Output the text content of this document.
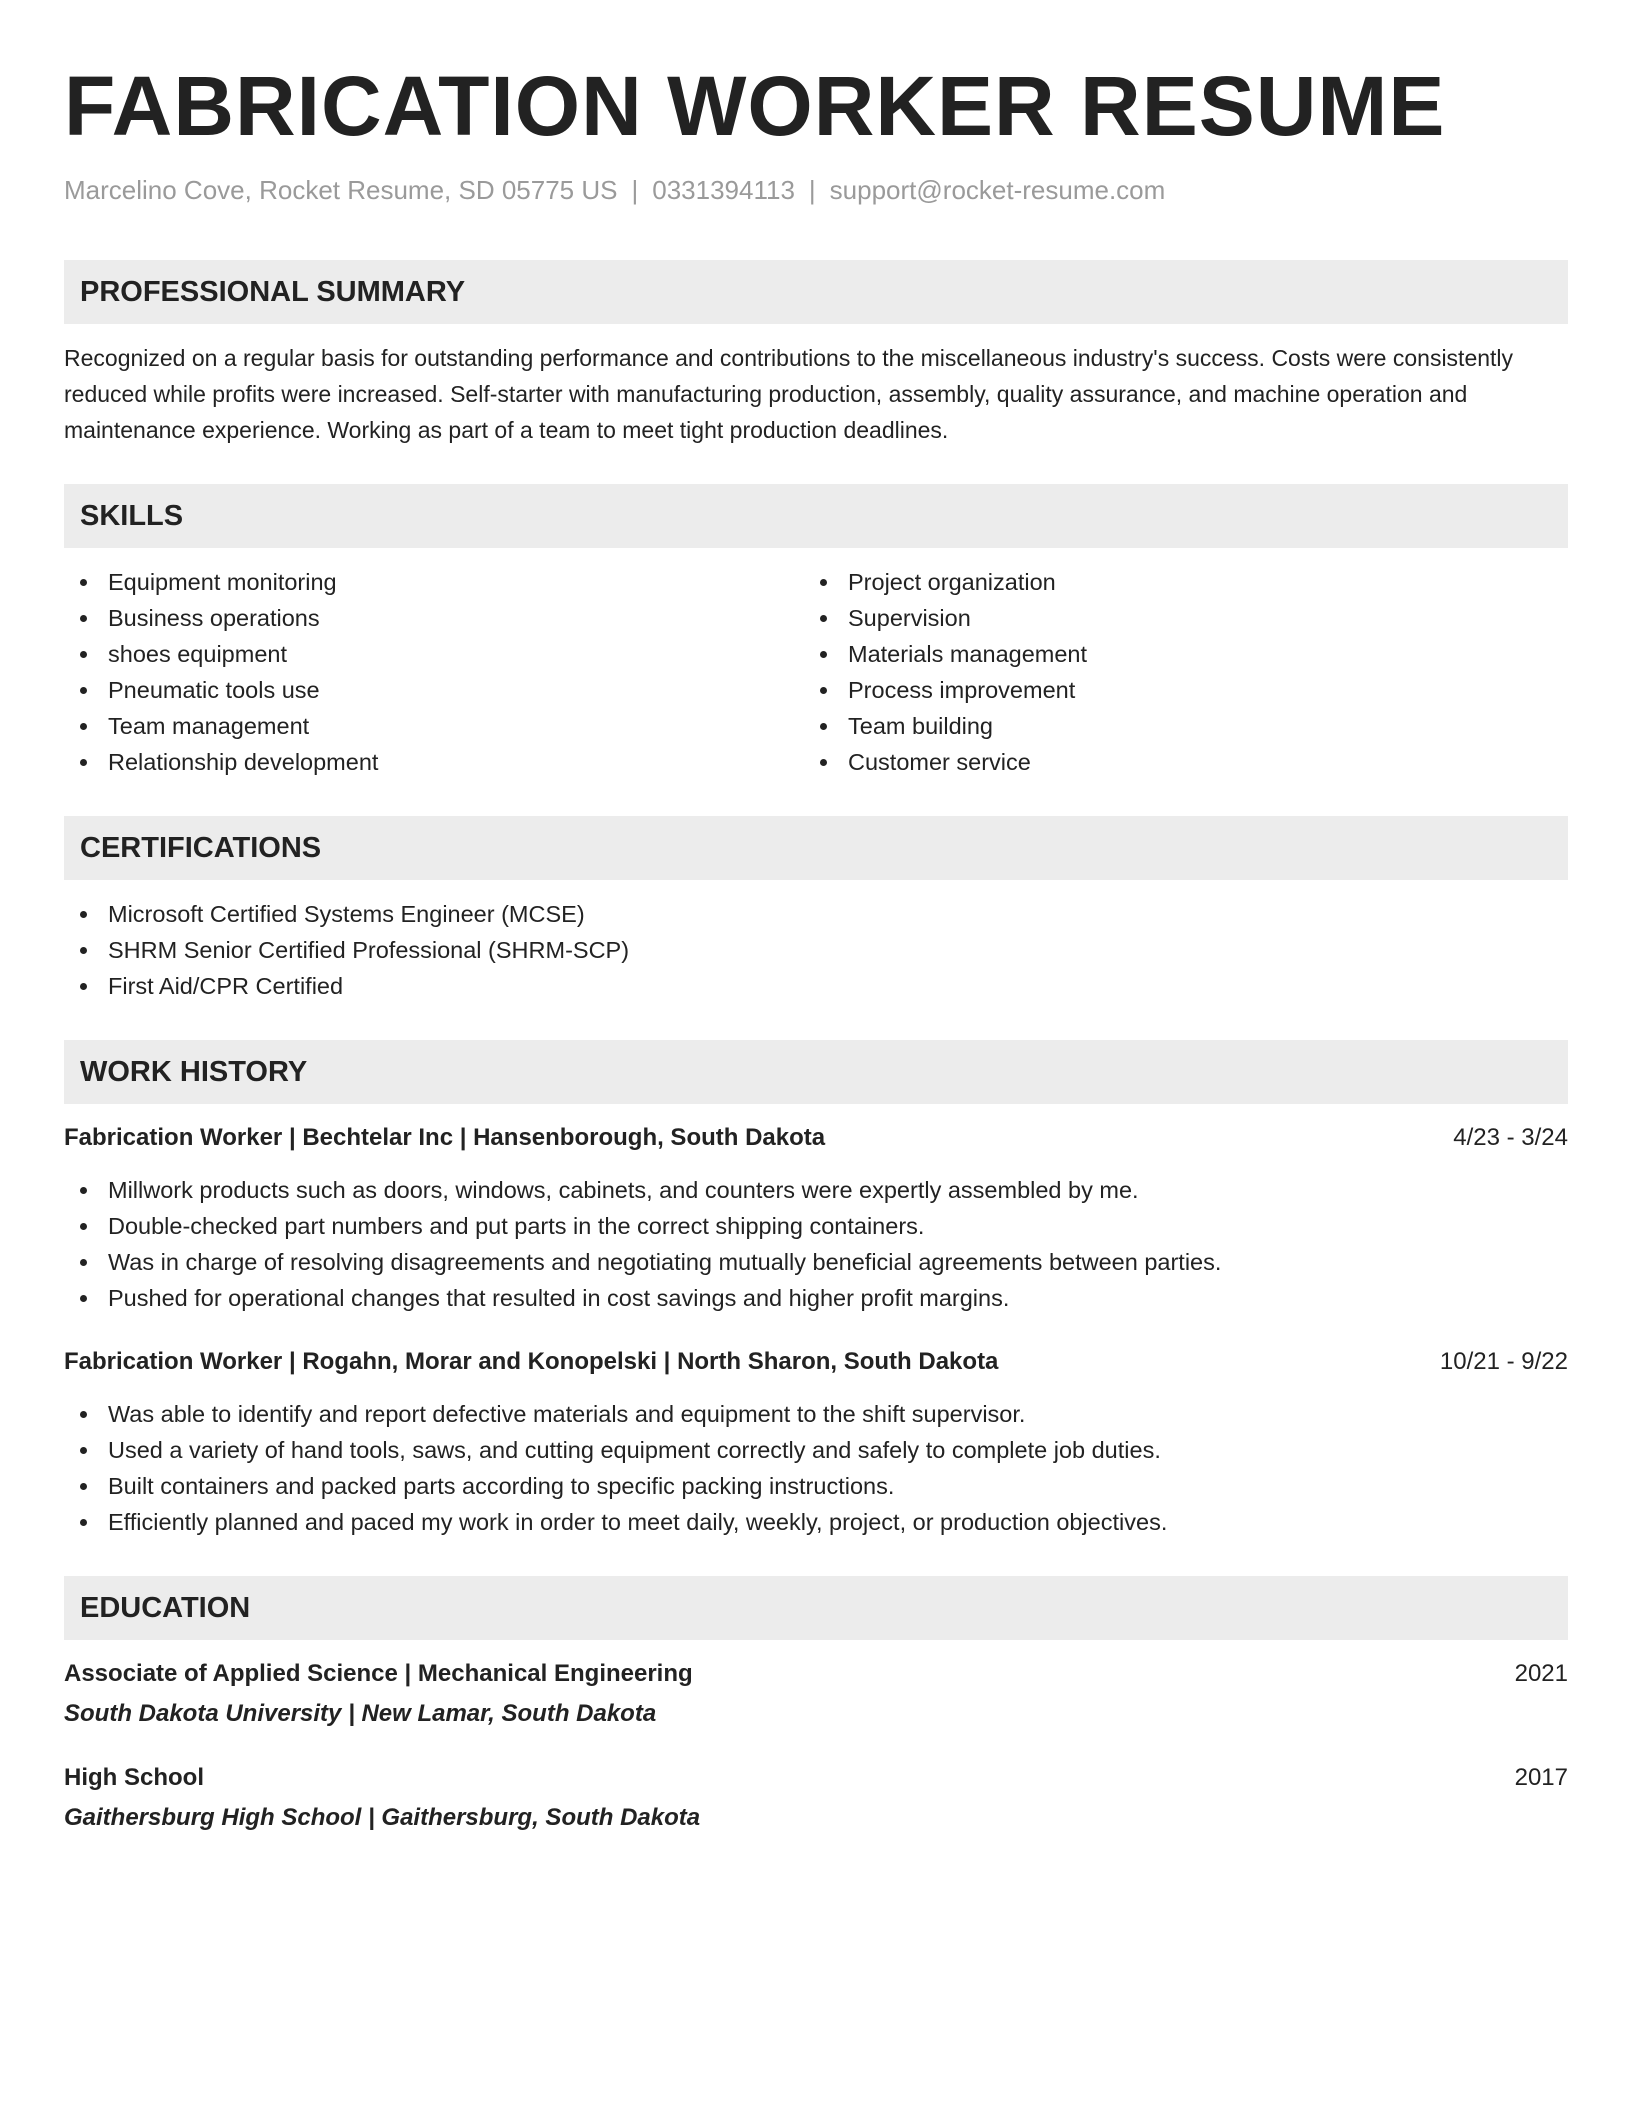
FABRICATION WORKER RESUME
Marcelino Cove, Rocket Resume, SD 05775 US | 0331394113 | support@rocket-resume.com
PROFESSIONAL SUMMARY
Recognized on a regular basis for outstanding performance and contributions to the miscellaneous industry's success. Costs were consistently reduced while profits were increased. Self-starter with manufacturing production, assembly, quality assurance, and machine operation and maintenance experience. Working as part of a team to meet tight production deadlines.
SKILLS
Equipment monitoring
Business operations
shoes equipment
Pneumatic tools use
Team management
Relationship development
Project organization
Supervision
Materials management
Process improvement
Team building
Customer service
CERTIFICATIONS
Microsoft Certified Systems Engineer (MCSE)
SHRM Senior Certified Professional (SHRM-SCP)
First Aid/CPR Certified
WORK HISTORY
Fabrication Worker | Bechtelar Inc | Hansenborough, South Dakota	4/23 - 3/24
Millwork products such as doors, windows, cabinets, and counters were expertly assembled by me.
Double-checked part numbers and put parts in the correct shipping containers.
Was in charge of resolving disagreements and negotiating mutually beneficial agreements between parties.
Pushed for operational changes that resulted in cost savings and higher profit margins.
Fabrication Worker | Rogahn, Morar and Konopelski | North Sharon, South Dakota	10/21 - 9/22
Was able to identify and report defective materials and equipment to the shift supervisor.
Used a variety of hand tools, saws, and cutting equipment correctly and safely to complete job duties.
Built containers and packed parts according to specific packing instructions.
Efficiently planned and paced my work in order to meet daily, weekly, project, or production objectives.
EDUCATION
Associate of Applied Science | Mechanical Engineering	2021
South Dakota University | New Lamar, South Dakota
High School	2017
Gaithersburg High School | Gaithersburg, South Dakota
